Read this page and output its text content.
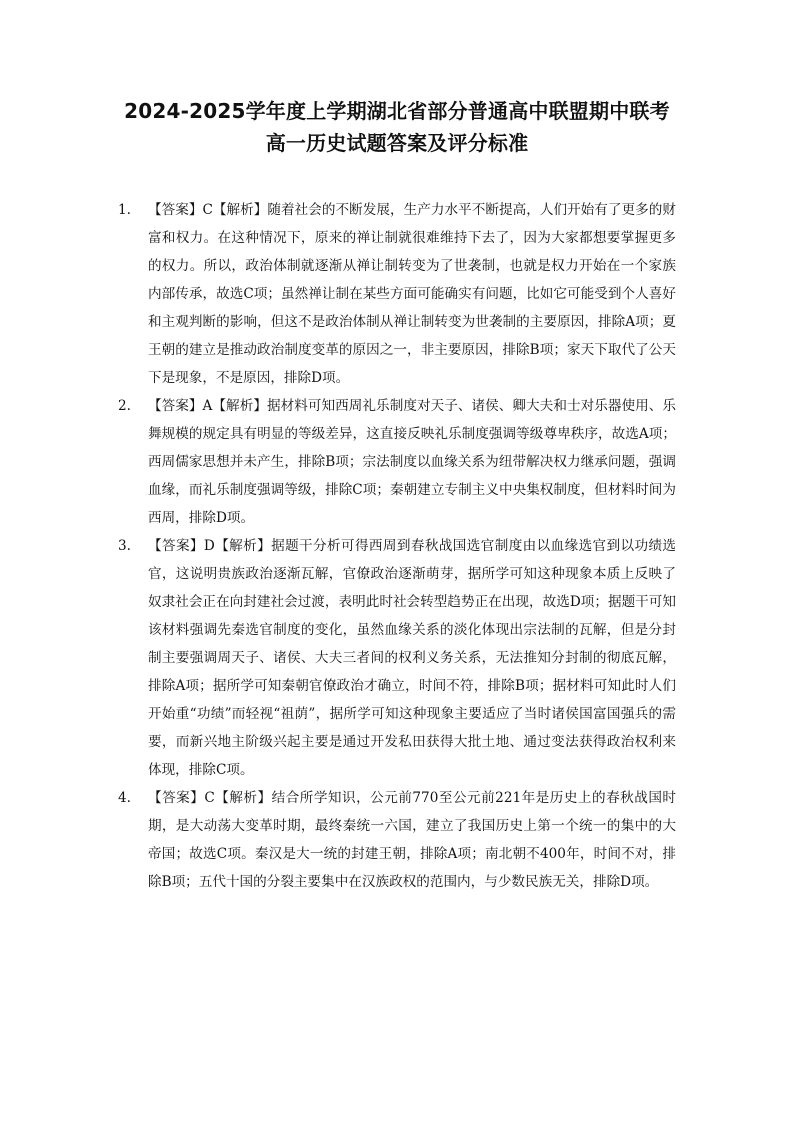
2024-2025学年度上学期湖北省部分普通高中联盟期中联考
高一历史试题答案及评分标准

1. 【答案】C【解析】随着社会的不断发展，生产力水平不断提高，人们开始有了更多的财富和权力。在这种情况下，原来的禅让制就很难维持下去了，因为大家都想要掌握更多的权力。所以，政治体制就逐渐从禅让制转变为了世袭制，也就是权力开始在一个家族内部传承，故选C项；虽然禅让制在某些方面可能确实有问题，比如它可能受到个人喜好和主观判断的影响，但这不是政治体制从禅让制转变为世袭制的主要原因，排除A项；夏王朝的建立是推动政治制度变革的原因之一，非主要原因，排除B项；家天下取代了公天下是现象，不是原因，排除D项。

2. 【答案】A【解析】据材料可知西周礼乐制度对天子、诸侯、卿大夫和士对乐器使用、乐舞规模的规定具有明显的等级差异，这直接反映礼乐制度强调等级尊卑秩序，故选A项；西周儒家思想并未产生，排除B项；宗法制度以血缘关系为纽带解决权力继承问题，强调血缘，而礼乐制度强调等级，排除C项；秦朝建立专制主义中央集权制度，但材料时间为西周，排除D项。

3. 【答案】D【解析】据题干分析可得西周到春秋战国选官制度由以血缘选官到以功绩选官，这说明贵族政治逐渐瓦解，官僚政治逐渐萌芽，据所学可知这种现象本质上反映了奴隶社会正在向封建社会过渡，表明此时社会转型趋势正在出现，故选D项；据题干可知该材料强调先秦选官制度的变化，虽然血缘关系的淡化体现出宗法制的瓦解，但是分封制主要强调周天子、诸侯、大夫三者间的权利义务关系，无法推知分封制的彻底瓦解，排除A项；据所学可知秦朝官僚政治才确立，时间不符，排除B项；据材料可知此时人们开始重“功绩”而轻视“祖荫”，据所学可知这种现象主要适应了当时诸侯国富国强兵的需要，而新兴地主阶级兴起主要是通过开发私田获得大批土地、通过变法获得政治权利来体现，排除C项。

4. 【答案】C【解析】结合所学知识，公元前770至公元前221年是历史上的春秋战国时期，是大动荡大变革时期，最终秦统一六国，建立了我国历史上第一个统一的集中的大帝国；故选C项。秦汉是大一统的封建王朝，排除A项；南北朝不400年，时间不对，排除B项；五代十国的分裂主要集中在汉族政权的范围内，与少数民族无关，排除D项。
